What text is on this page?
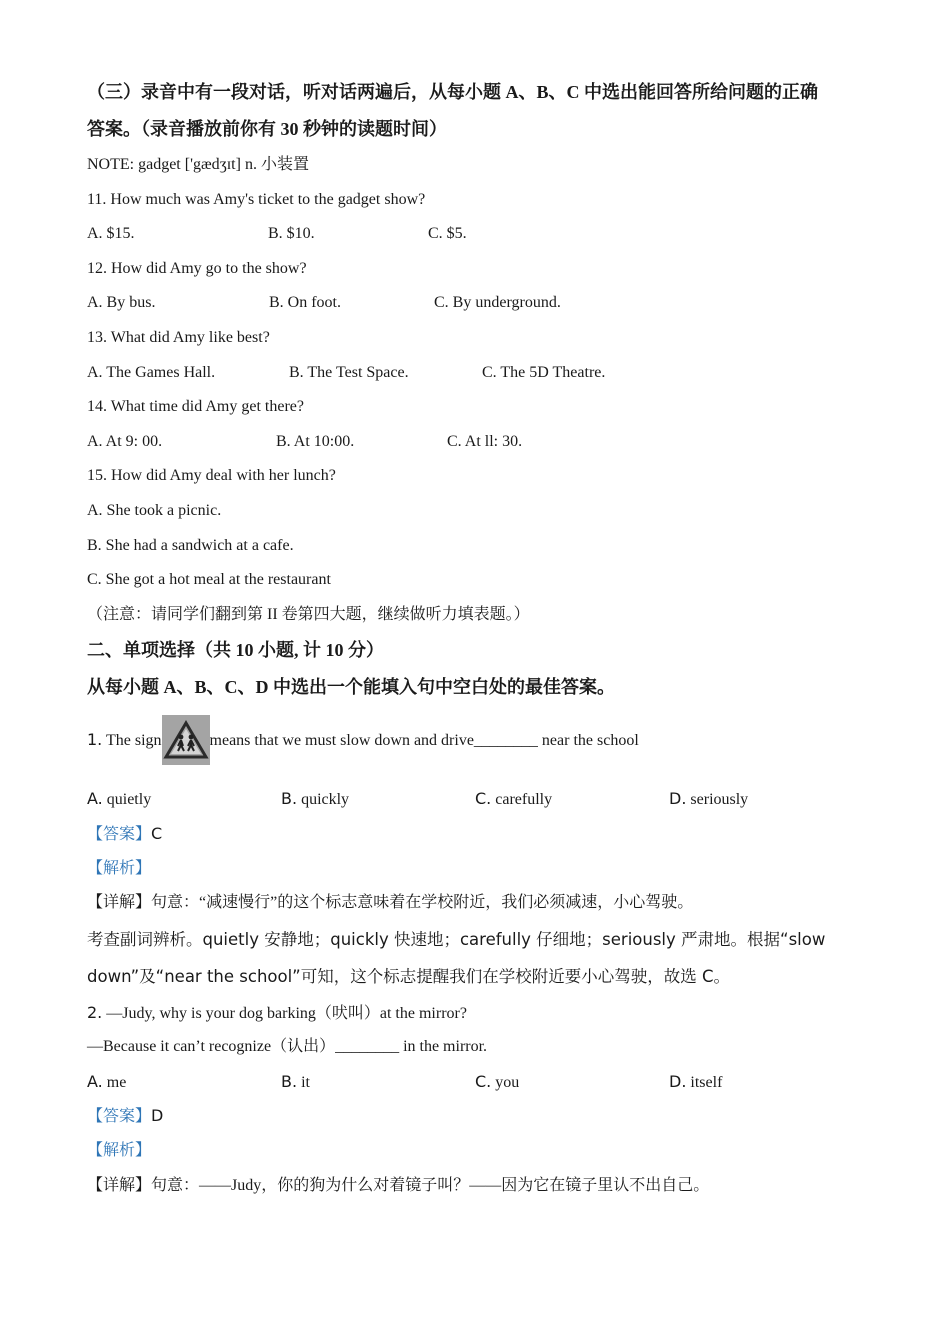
（三）录音中有一段对话，听对话两遍后，从每小题 A、B、C 中选出能回答所给问题的正确
答案。（录音播放前你有 30 秒钟的读题时间）
NOTE: gadget ['gædʒɪt] n. 小装置
11. How much was Amy's ticket to the gadget show?
A. $15.	B. $10.	C. $5.
12. How did Amy go to the show?
A. By bus.	B. On foot.	C. By underground.
13. What did Amy like best?
A. The Games Hall.	B. The Test Space.	C. The 5D Theatre.
14. What time did Amy get there?
A. At 9: 00.	B. At 10:00.	C. At ll: 30.
15. How did Amy deal with her lunch?
A. She took a picnic.
B. She had a sandwich at a cafe.
C. She got a hot meal at the restaurant
（注意：请同学们翻到第 II 卷第四大题，继续做听力填表题。）
二、单项选择（共 10 小题, 计 10 分）
从每小题 A、B、C、D 中选出一个能填入句中空白处的最佳答案。
1. The sign	means that we must slow down and drive________ near the school
A. quietly	B. quickly	C. carefully	D. seriously
【答案】C
【解析】
【详解】句意：“减速慢行”的这个标志意味着在学校附近，我们必须减速，小心驾驶。
考查副词辨析。quietly 安静地；quickly 快速地；carefully 仔细地；seriously 严肃地。根据“slow
down”及“near the school”可知，这个标志提醒我们在学校附近要小心驾驶，故选 C。
2. —Judy, why is your dog barking（吠叫）at the mirror?
—Because it can’t recognize（认出）________ in the mirror.
A. me	B. it	C. you	D. itself
【答案】D
【解析】
【详解】句意：——Judy，你的狗为什么对着镜子叫？——因为它在镜子里认不出自己。
